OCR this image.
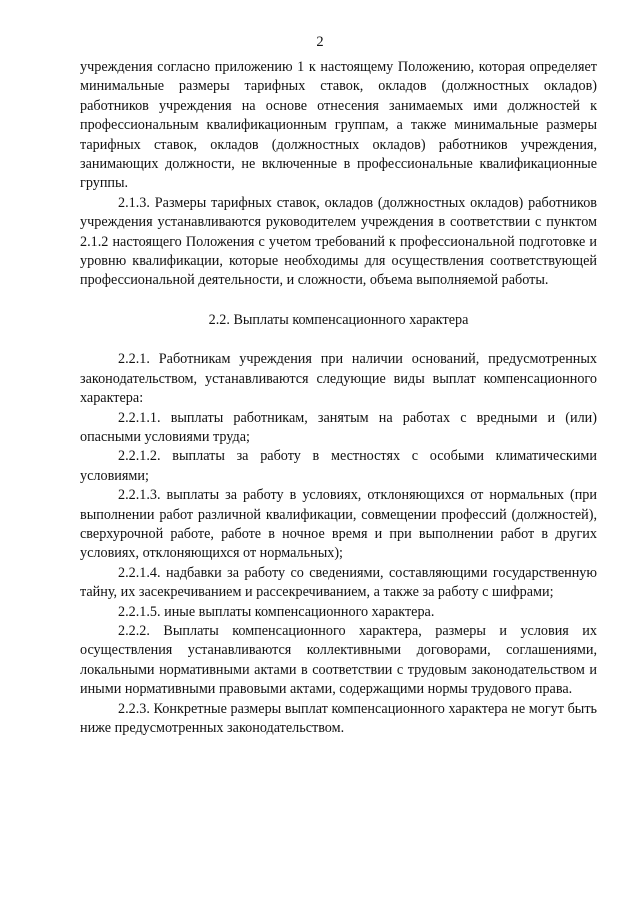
2

учреждения согласно приложению 1 к настоящему Положению, которая определяет минимальные размеры тарифных ставок, окладов (должностных окладов) работников учреждения на основе отнесения занимаемых ими должностей к профессиональным квалификационным группам, а также минимальные размеры тарифных ставок, окладов (должностных окладов) работников учреждения, занимающих должности, не включенные в профессиональные квалификационные группы.

2.1.3. Размеры тарифных ставок, окладов (должностных окладов) работников учреждения устанавливаются руководителем учреждения в соответствии с пунктом 2.1.2 настоящего Положения с учетом требований к профессиональной подготовке и уровню квалификации, которые необходимы для осуществления соответствующей профессиональной деятельности, и сложности, объема выполняемой работы.

2.2. Выплаты компенсационного характера

2.2.1. Работникам учреждения при наличии оснований, предусмотренных законодательством, устанавливаются следующие виды выплат компенсационного характера:

2.2.1.1. выплаты работникам, занятым на работах с вредными и (или) опасными условиями труда;

2.2.1.2. выплаты за работу в местностях с особыми климатическими условиями;

2.2.1.3. выплаты за работу в условиях, отклоняющихся от нормальных (при выполнении работ различной квалификации, совмещении профессий (должностей), сверхурочной работе, работе в ночное время и при выполнении работ в других условиях, отклоняющихся от нормальных);

2.2.1.4. надбавки за работу со сведениями, составляющими государственную тайну, их засекречиванием и рассекречиванием, а также за работу с шифрами;

2.2.1.5. иные выплаты компенсационного характера.

2.2.2. Выплаты компенсационного характера, размеры и условия их осуществления устанавливаются коллективными договорами, соглашениями, локальными нормативными актами в соответствии с трудовым законодательством и иными нормативными правовыми актами, содержащими нормы трудового права.

2.2.3. Конкретные размеры выплат компенсационного характера не могут быть ниже предусмотренных законодательством.
